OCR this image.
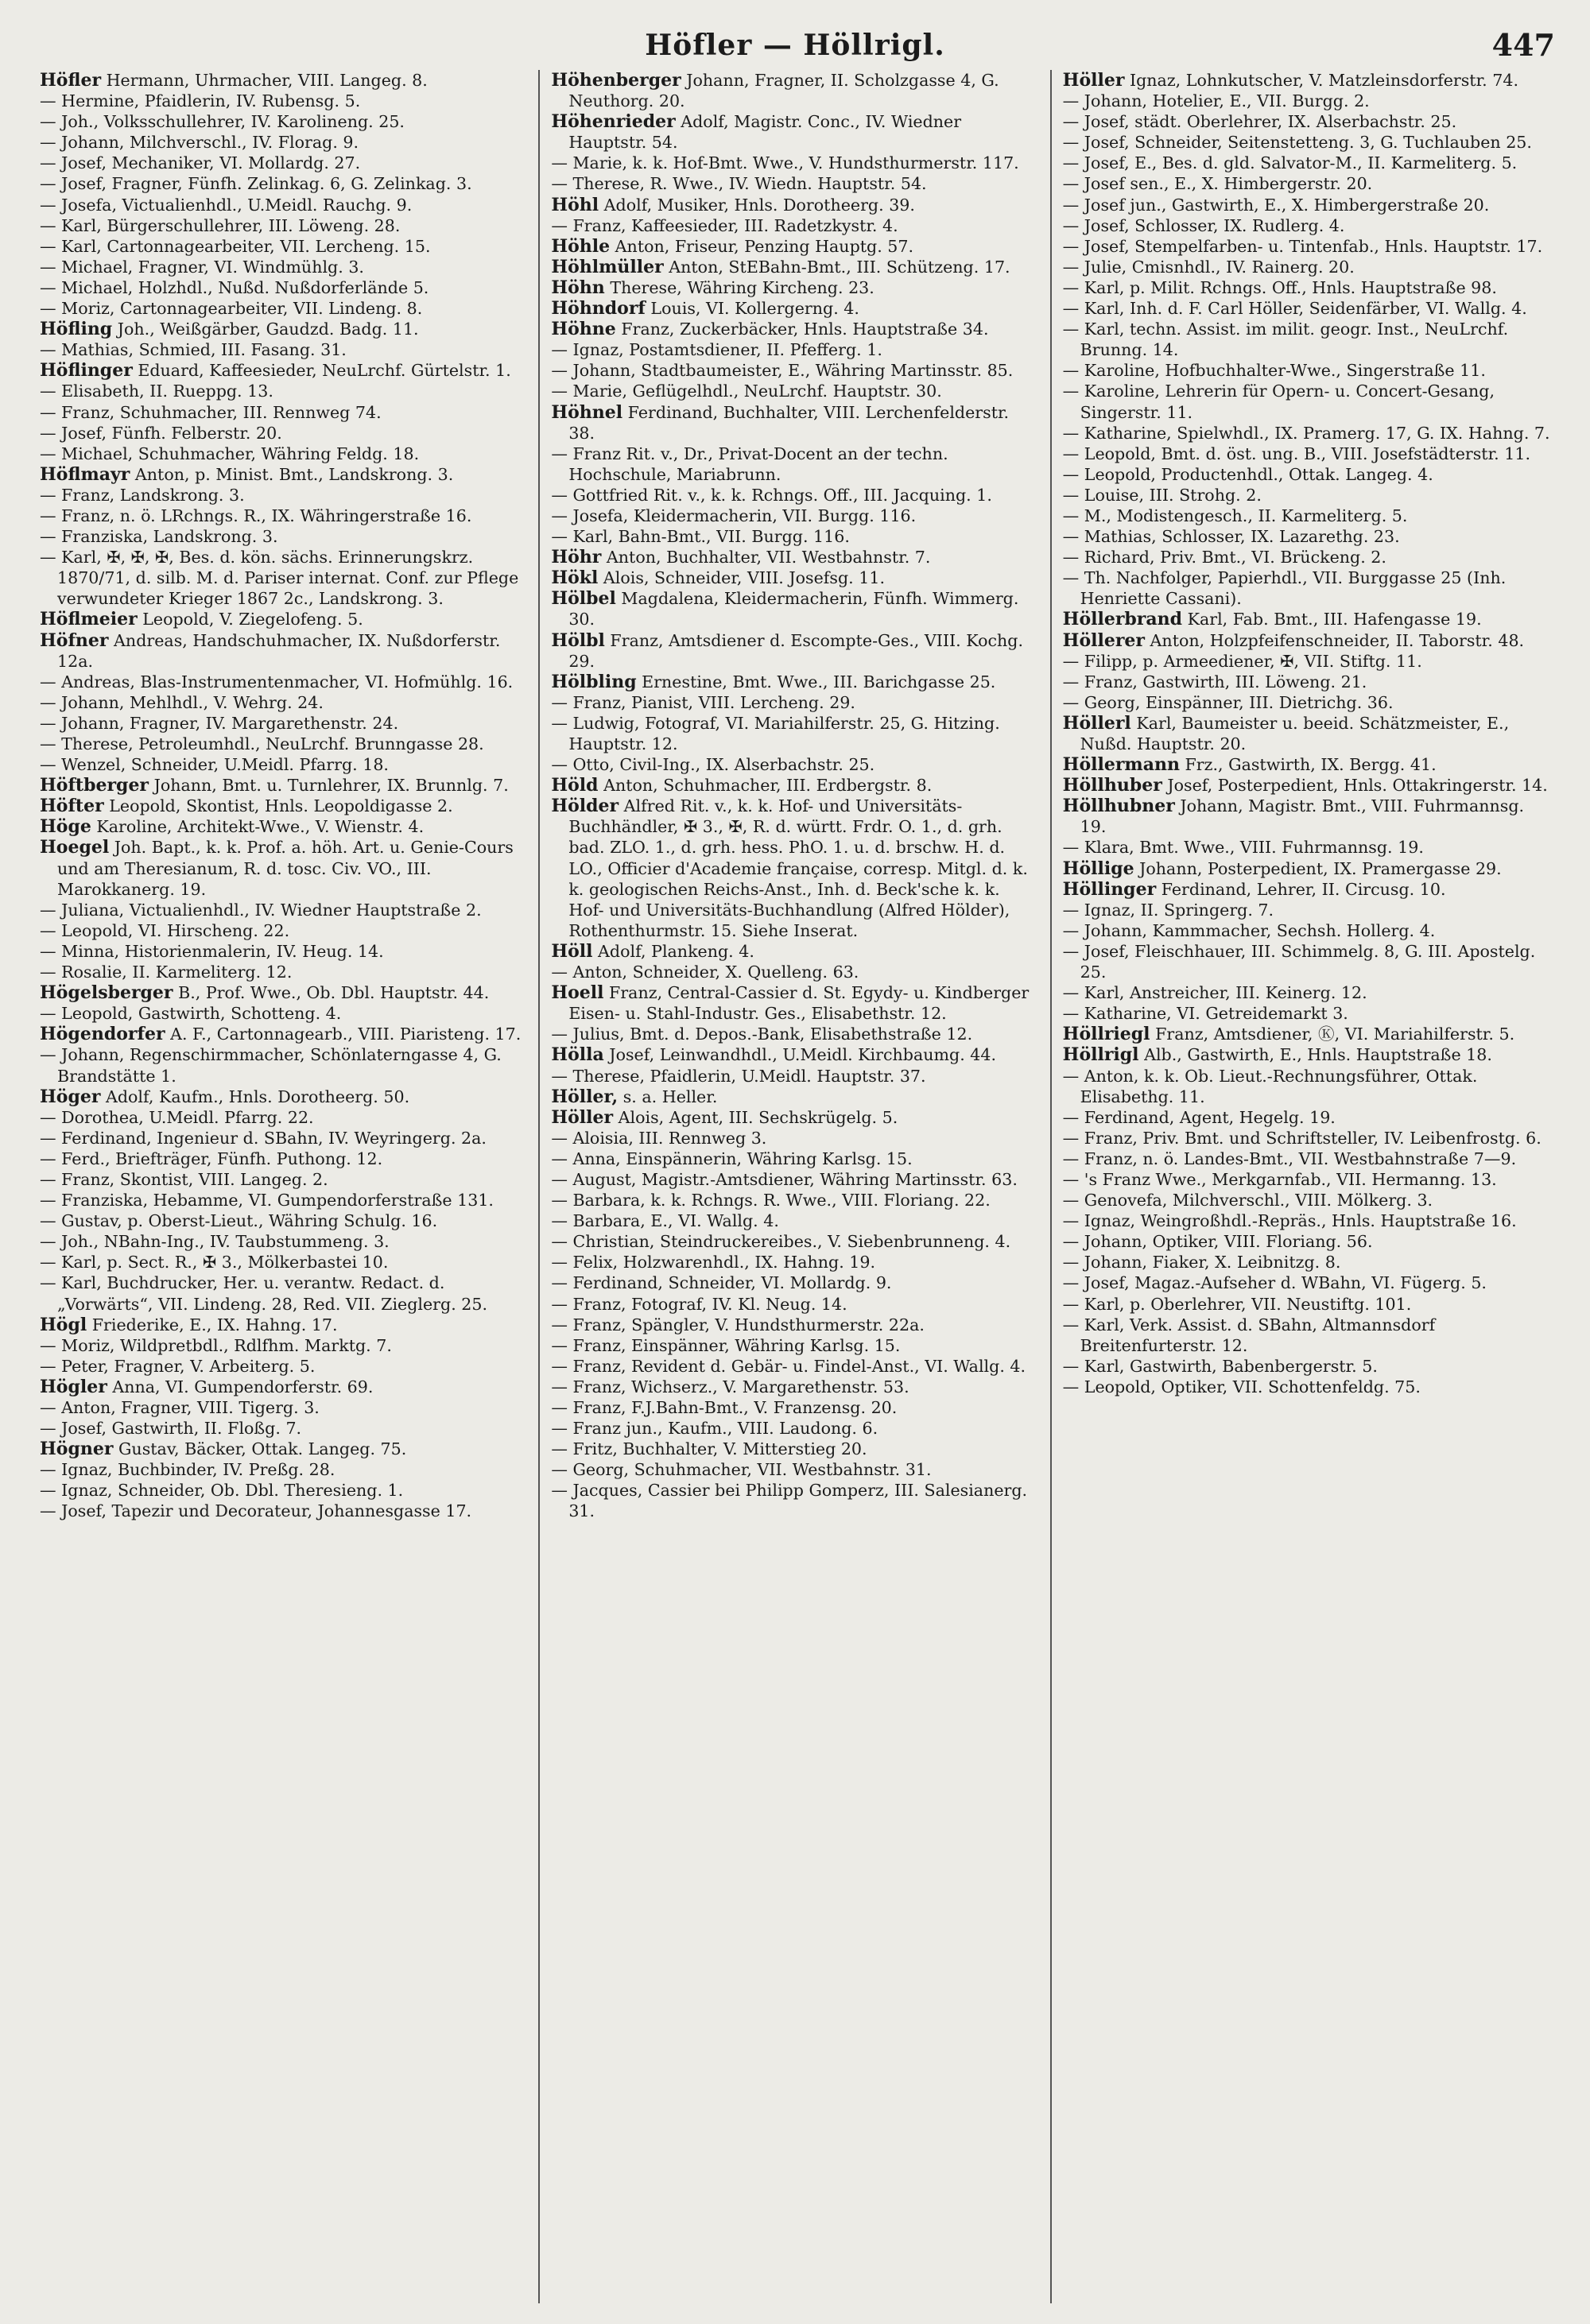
Höfler — Höllrigl.	447

Höfler Hermann, Uhrmacher, VIII. Langeg. 8.

— Hermine, Pfaidlerin, IV. Rubensg. 5.

— Joh., Volksschullehrer, IV. Karolineng. 25.

— Johann, Milchverschl., IV. Florag. 9.

— Josef, Mechaniker, VI. Mollardg. 27.

— Josef, Fragner, Fünfh. Zelinkag. 6, G. Zelinkag. 3.

— Josefa, Victualienhdl., U.Meidl. Rauchg. 9.

— Karl, Bürgerschullehrer, III. Löweng. 28.

— Karl, Cartonnagearbeiter, VII. Lercheng. 15.

— Michael, Fragner, VI. Windmühlg. 3.

— Michael, Holzhdl., Nußd. Nußdorferlände 5.

— Moriz, Cartonnagearbeiter, VII. Lindeng. 8.

Höfling Joh., Weißgärber, Gaudzd. Badg. 11.

— Mathias, Schmied, III. Fasang. 31.

Höflinger Eduard, Kaffeesieder, NeuLrchf. Gürtelstr. 1.

— Elisabeth, II. Rueppg. 13.

— Franz, Schuhmacher, III. Rennweg 74.

— Josef, Fünfh. Felberstr. 20.

— Michael, Schuhmacher, Währing Feldg. 18.

Höflmayr Anton, p. Minist. Bmt., Landskrong. 3.

— Franz, Landskrong. 3.

— Franz, n. ö. LRchngs. R., IX. Währingerstraße 16.

— Franziska, Landskrong. 3.

— Karl, ✠, ✠, ✠, Bes. d. kön. sächs. Erinnerungskrz. 1870/71, d. silb. M. d. Pariser internat. Conf. zur Pflege verwundeter Krieger 1867 2c., Landskrong. 3.

Höflmeier Leopold, V. Ziegelofeng. 5.

Höfner Andreas, Handschuhmacher, IX. Nußdorferstr. 12a.

— Andreas, Blas-Instrumentenmacher, VI. Hofmühlg. 16.

— Johann, Mehlhdl., V. Wehrg. 24.

— Johann, Fragner, IV. Margarethenstr. 24.

— Therese, Petroleumhdl., NeuLrchf. Brunngasse 28.

— Wenzel, Schneider, U.Meidl. Pfarrg. 18.

Höftberger Johann, Bmt. u. Turnlehrer, IX. Brunnlg. 7.

Höfter Leopold, Skontist, Hnls. Leopoldigasse 2.

Höge Karoline, Architekt-Wwe., V. Wienstr. 4.

Hoegel Joh. Bapt., k. k. Prof. a. höh. Art. u. Genie-Cours und am Theresianum, R. d. tosc. Civ. VO., III. Marokkanerg. 19.

— Juliana, Victualienhdl., IV. Wiedner Hauptstraße 2.

— Leopold, VI. Hirscheng. 22.

— Minna, Historienmalerin, IV. Heug. 14.

— Rosalie, II. Karmeliterg. 12.

Högelsberger B., Prof. Wwe., Ob. Dbl. Hauptstr. 44.

— Leopold, Gastwirth, Schotteng. 4.

Högendorfer A. F., Cartonnagearb., VIII. Piaristeng. 17.

— Johann, Regenschirmmacher, Schönlaterngasse 4, G. Brandstätte 1.

Höger Adolf, Kaufm., Hnls. Dorotheerg. 50.

— Dorothea, U.Meidl. Pfarrg. 22.

— Ferdinand, Ingenieur d. SBahn, IV. Weyringerg. 2a.

— Ferd., Briefträger, Fünfh. Puthong. 12.

— Franz, Skontist, VIII. Langeg. 2.

— Franziska, Hebamme, VI. Gumpendorferstraße 131.

— Gustav, p. Oberst-Lieut., Währing Schulg. 16.

— Joh., NBahn-Ing., IV. Taubstummeng. 3.

— Karl, p. Sect. R., ✠ 3., Mölkerbastei 10.

— Karl, Buchdrucker, Her. u. verantw. Redact. d. „Vorwärts“, VII. Lindeng. 28, Red. VII. Zieglerg. 25.

Högl Friederike, E., IX. Hahng. 17.

— Moriz, Wildpretbdl., Rdlfhm. Marktg. 7.

— Peter, Fragner, V. Arbeiterg. 5.

Högler Anna, VI. Gumpendorferstr. 69.

— Anton, Fragner, VIII. Tigerg. 3.

— Josef, Gastwirth, II. Floßg. 7.

Högner Gustav, Bäcker, Ottak. Langeg. 75.

— Ignaz, Buchbinder, IV. Preßg. 28.

— Ignaz, Schneider, Ob. Dbl. Theresieng. 1.

— Josef, Tapezir und Decorateur, Johannesgasse 17.

Höhenberger Johann, Fragner, II. Scholzgasse 4, G. Neuthorg. 20.

Höhenrieder Adolf, Magistr. Conc., IV. Wiedner Hauptstr. 54.

— Marie, k. k. Hof-Bmt. Wwe., V. Hundsthurmerstr. 117.

— Therese, R. Wwe., IV. Wiedn. Hauptstr. 54.

Höhl Adolf, Musiker, Hnls. Dorotheerg. 39.

— Franz, Kaffeesieder, III. Radetzkystr. 4.

Höhle Anton, Friseur, Penzing Hauptg. 57.

Höhlmüller Anton, StEBahn-Bmt., III. Schützeng. 17.

Höhn Therese, Währing Kircheng. 23.

Höhndorf Louis, VI. Kollergerng. 4.

Höhne Franz, Zuckerbäcker, Hnls. Hauptstraße 34.

— Ignaz, Postamtsdiener, II. Pfefferg. 1.

— Johann, Stadtbaumeister, E., Währing Martinsstr. 85.

— Marie, Geflügelhdl., NeuLrchf. Hauptstr. 30.

Höhnel Ferdinand, Buchhalter, VIII. Lerchenfelderstr. 38.

— Franz Rit. v., Dr., Privat-Docent an der techn. Hochschule, Mariabrunn.

— Gottfried Rit. v., k. k. Rchngs. Off., III. Jacquing. 1.

— Josefa, Kleidermacherin, VII. Burgg. 116.

— Karl, Bahn-Bmt., VII. Burgg. 116.

Höhr Anton, Buchhalter, VII. Westbahnstr. 7.

Hökl Alois, Schneider, VIII. Josefsg. 11.

Hölbel Magdalena, Kleidermacherin, Fünfh. Wimmerg. 30.

Hölbl Franz, Amtsdiener d. Escompte-Ges., VIII. Kochg. 29.

Hölbling Ernestine, Bmt. Wwe., III. Barichgasse 25.

— Franz, Pianist, VIII. Lercheng. 29.

— Ludwig, Fotograf, VI. Mariahilferstr. 25, G. Hitzing. Hauptstr. 12.

— Otto, Civil-Ing., IX. Alserbachstr. 25.

Höld Anton, Schuhmacher, III. Erdbergstr. 8.

Hölder Alfred Rit. v., k. k. Hof- und Universitäts-Buchhändler, ✠ 3., ✠, R. d. württ. Frdr. O. 1., d. grh. bad. ZLO. 1., d. grh. hess. PhO. 1. u. d. brschw. H. d. LO., Officier d'Academie française, corresp. Mitgl. d. k. k. geologischen Reichs-Anst., Inh. d. Beck'sche k. k. Hof- und Universitäts-Buchhandlung (Alfred Hölder), Rothenthurmstr. 15. Siehe Inserat.

Höll Adolf, Plankeng. 4.

— Anton, Schneider, X. Quelleng. 63.

Hoell Franz, Central-Cassier d. St. Egydy- u. Kindberger Eisen- u. Stahl-Industr. Ges., Elisabethstr. 12.

— Julius, Bmt. d. Depos.-Bank, Elisabethstraße 12.

Hölla Josef, Leinwandhdl., U.Meidl. Kirchbaumg. 44.

— Therese, Pfaidlerin, U.Meidl. Hauptstr. 37.

Höller, s. a. Heller.

Höller Alois, Agent, III. Sechskrügelg. 5.

— Aloisia, III. Rennweg 3.

— Anna, Einspännerin, Währing Karlsg. 15.

— August, Magistr.-Amtsdiener, Währing Martinsstr. 63.

— Barbara, k. k. Rchngs. R. Wwe., VIII. Floriang. 22.

— Barbara, E., VI. Wallg. 4.

— Christian, Steindruckereibes., V. Siebenbrunneng. 4.

— Felix, Holzwarenhdl., IX. Hahng. 19.

— Ferdinand, Schneider, VI. Mollardg. 9.

— Franz, Fotograf, IV. Kl. Neug. 14.

— Franz, Spängler, V. Hundsthurmerstr. 22a.

— Franz, Einspänner, Währing Karlsg. 15.

— Franz, Revident d. Gebär- u. Findel-Anst., VI. Wallg. 4.

— Franz, Wichserz., V. Margarethenstr. 53.

— Franz, F.J.Bahn-Bmt., V. Franzensg. 20.

— Franz jun., Kaufm., VIII. Laudong. 6.

— Fritz, Buchhalter, V. Mitterstieg 20.

— Georg, Schuhmacher, VII. Westbahnstr. 31.

— Jacques, Cassier bei Philipp Gomperz, III. Salesianerg. 31.

Höller Ignaz, Lohnkutscher, V. Matzleinsdorferstr. 74.

— Johann, Hotelier, E., VII. Burgg. 2.

— Josef, städt. Oberlehrer, IX. Alserbachstr. 25.

— Josef, Schneider, Seitenstetteng. 3, G. Tuchlauben 25.

— Josef, E., Bes. d. gld. Salvator-M., II. Karmeliterg. 5.

— Josef sen., E., X. Himbergerstr. 20.

— Josef jun., Gastwirth, E., X. Himbergerstraße 20.

— Josef, Schlosser, IX. Rudlerg. 4.

— Josef, Stempelfarben- u. Tintenfab., Hnls. Hauptstr. 17.

— Julie, Cmisnhdl., IV. Rainerg. 20.

— Karl, p. Milit. Rchngs. Off., Hnls. Hauptstraße 98.

— Karl, Inh. d. F. Carl Höller, Seidenfärber, VI. Wallg. 4.

— Karl, techn. Assist. im milit. geogr. Inst., NeuLrchf. Brunng. 14.

— Karoline, Hofbuchhalter-Wwe., Singerstraße 11.

— Karoline, Lehrerin für Opern- u. Concert-Gesang, Singerstr. 11.

— Katharine, Spielwhdl., IX. Pramerg. 17, G. IX. Hahng. 7.

— Leopold, Bmt. d. öst. ung. B., VIII. Josefstädterstr. 11.

— Leopold, Productenhdl., Ottak. Langeg. 4.

— Louise, III. Strohg. 2.

— M., Modistengesch., II. Karmeliterg. 5.

— Mathias, Schlosser, IX. Lazarethg. 23.

— Richard, Priv. Bmt., VI. Brückeng. 2.

— Th. Nachfolger, Papierhdl., VII. Burggasse 25 (Inh. Henriette Cassani).

Höllerbrand Karl, Fab. Bmt., III. Hafengasse 19.

Höllerer Anton, Holzpfeifenschneider, II. Taborstr. 48.

— Filipp, p. Armeediener, ✠, VII. Stiftg. 11.

— Franz, Gastwirth, III. Löweng. 21.

— Georg, Einspänner, III. Dietrichg. 36.

Höllerl Karl, Baumeister u. beeid. Schätzmeister, E., Nußd. Hauptstr. 20.

Höllermann Frz., Gastwirth, IX. Bergg. 41.

Höllhuber Josef, Posterpedient, Hnls. Ottakringerstr. 14.

Höllhubner Johann, Magistr. Bmt., VIII. Fuhrmannsg. 19.

— Klara, Bmt. Wwe., VIII. Fuhrmannsg. 19.

Höllige Johann, Posterpedient, IX. Pramergasse 29.

Höllinger Ferdinand, Lehrer, II. Circusg. 10.

— Ignaz, II. Springerg. 7.

— Johann, Kammmacher, Sechsh. Hollerg. 4.

— Josef, Fleischhauer, III. Schimmelg. 8, G. III. Apostelg. 25.

— Karl, Anstreicher, III. Keinerg. 12.

— Katharine, VI. Getreidemarkt 3.

Höllriegl Franz, Amtsdiener, Ⓚ, VI. Mariahilferstr. 5.

Höllrigl Alb., Gastwirth, E., Hnls. Hauptstraße 18.

— Anton, k. k. Ob. Lieut.-Rechnungsführer, Ottak. Elisabethg. 11.

— Ferdinand, Agent, Hegelg. 19.

— Franz, Priv. Bmt. und Schriftsteller, IV. Leibenfrostg. 6.

— Franz, n. ö. Landes-Bmt., VII. Westbahnstraße 7—9.

— 's Franz Wwe., Merkgarnfab., VII. Hermanng. 13.

— Genovefa, Milchverschl., VIII. Mölkerg. 3.

— Ignaz, Weingroßhdl.-Repräs., Hnls. Hauptstraße 16.

— Johann, Optiker, VIII. Floriang. 56.

— Johann, Fiaker, X. Leibnitzg. 8.

— Josef, Magaz.-Aufseher d. WBahn, VI. Fügerg. 5.

— Karl, p. Oberlehrer, VII. Neustiftg. 101.

— Karl, Verk. Assist. d. SBahn, Altmannsdorf Breitenfurterstr. 12.

— Karl, Gastwirth, Babenbergerstr. 5.

— Leopold, Optiker, VII. Schottenfeldg. 75.
